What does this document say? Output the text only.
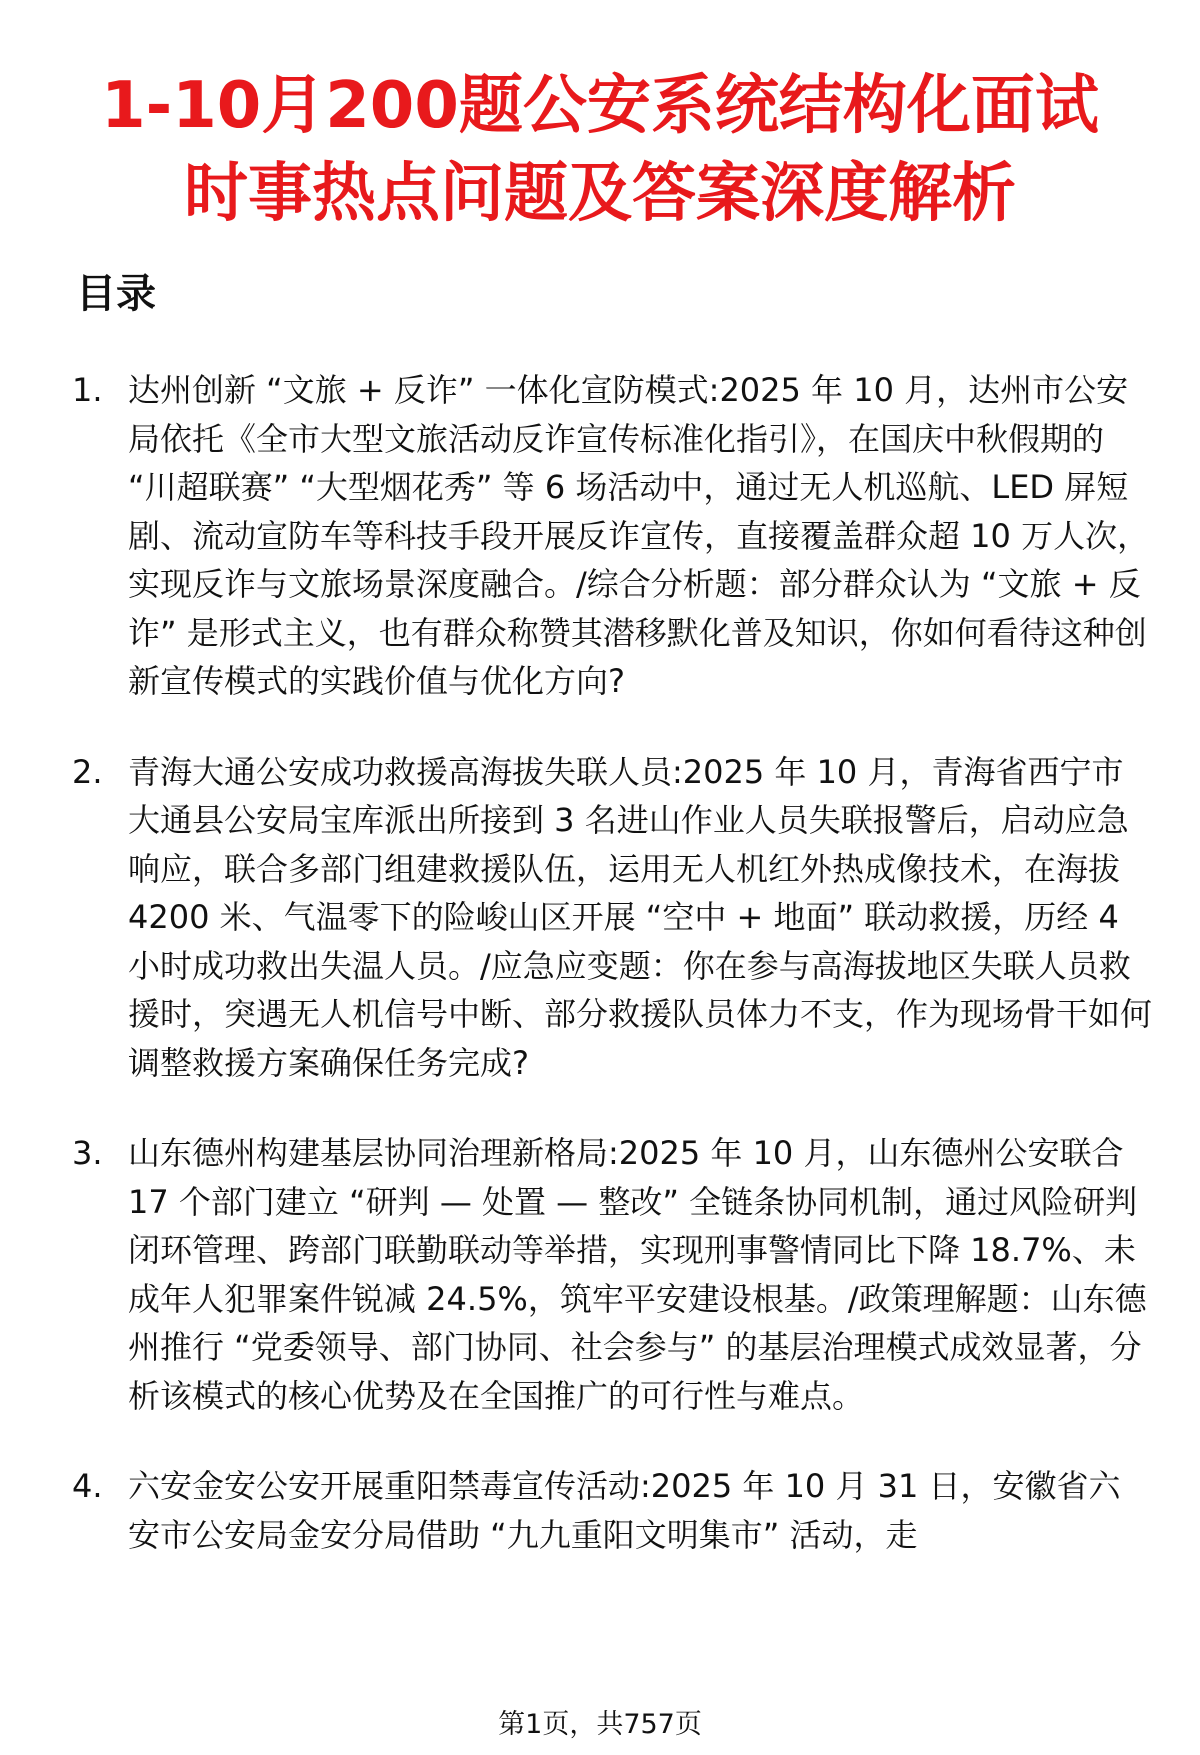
1-10月200题公安系统结构化面试
时事热点问题及答案深度解析
目录
1. 达州创新 “文旅 + 反诈” 一体化宣防模式:2025 年 10 月，达州市公安局依托《全市大型文旅活动反诈宣传标准化指引》，在国庆中秋假期的 “川超联赛” “大型烟花秀” 等 6 场活动中，通过无人机巡航、LED 屏短剧、流动宣防车等科技手段开展反诈宣传，直接覆盖群众超 10 万人次，实现反诈与文旅场景深度融合。/综合分析题：部分群众认为 “文旅 + 反诈” 是形式主义，也有群众称赞其潜移默化普及知识，你如何看待这种创新宣传模式的实践价值与优化方向?
2. 青海大通公安成功救援高海拔失联人员:2025 年 10 月，青海省西宁市大通县公安局宝库派出所接到 3 名进山作业人员失联报警后，启动应急响应，联合多部门组建救援队伍，运用无人机红外热成像技术，在海拔 4200 米、气温零下的险峻山区开展 “空中 + 地面” 联动救援，历经 4 小时成功救出失温人员。/应急应变题：你在参与高海拔地区失联人员救援时，突遇无人机信号中断、部分救援队员体力不支，作为现场骨干如何调整救援方案确保任务完成?
3. 山东德州构建基层协同治理新格局:2025 年 10 月，山东德州公安联合 17 个部门建立 “研判 — 处置 — 整改” 全链条协同机制，通过风险研判闭环管理、跨部门联勤联动等举措，实现刑事警情同比下降 18.7%、未成年人犯罪案件锐减 24.5%，筑牢平安建设根基。/政策理解题：山东德州推行 “党委领导、部门协同、社会参与” 的基层治理模式成效显著，分析该模式的核心优势及在全国推广的可行性与难点。
4. 六安金安公安开展重阳禁毒宣传活动:2025 年 10 月 31 日，安徽省六安市公安局金安分局借助 “九九重阳文明集市” 活动，走
第1页，共757页
